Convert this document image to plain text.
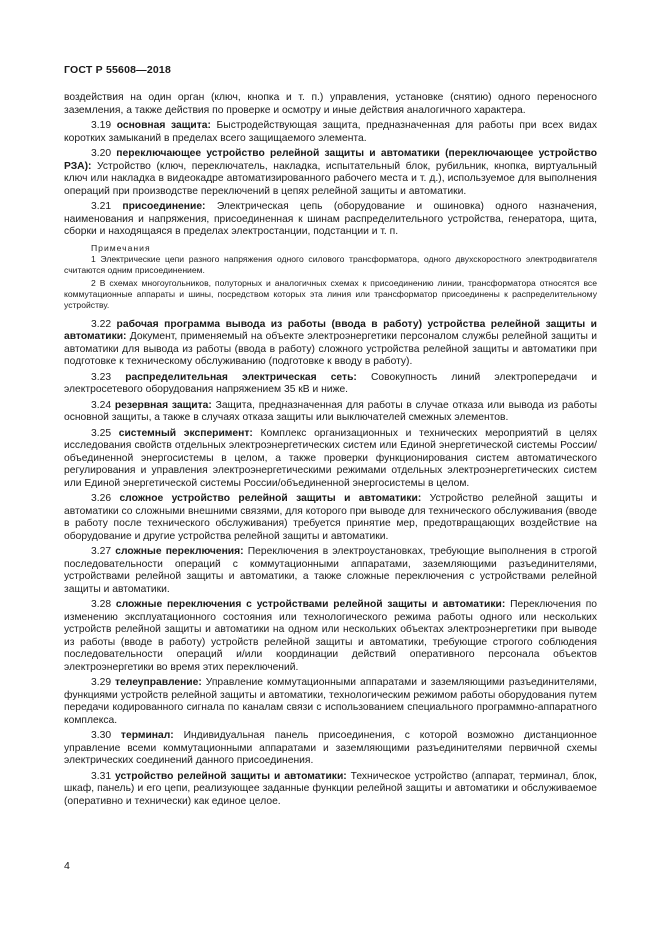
ГОСТ Р 55608—2018

воздействия на один орган (ключ, кнопка и т. п.) управления, установке (снятию) одного переносного заземления, а также действия по проверке и осмотру и иные действия аналогичного характера.

3.19 основная защита: Быстродействующая защита, предназначенная для работы при всех видах коротких замыканий в пределах всего защищаемого элемента.

3.20 переключающее устройство релейной защиты и автоматики (переключающее устройство РЗА): Устройство (ключ, переключатель, накладка, испытательный блок, рубильник, кнопка, виртуальный ключ или накладка в видеокадре автоматизированного рабочего места и т. д.), используемое для выполнения операций при производстве переключений в цепях релейной защиты и автоматики.

3.21 присоединение: Электрическая цепь (оборудование и ошиновка) одного назначения, наименования и напряжения, присоединенная к шинам распределительного устройства, генератора, щита, сборки и находящаяся в пределах электростанции, подстанции и т. п.

Примечания

1 Электрические цепи разного напряжения одного силового трансформатора, одного двухскоростного электродвигателя считаются одним присоединением.

2 В схемах многоугольников, полуторных и аналогичных схемах к присоединению линии, трансформатора относятся все коммутационные аппараты и шины, посредством которых эта линия или трансформатор присоединены к распределительному устройству.

3.22 рабочая программа вывода из работы (ввода в работу) устройства релейной защиты и автоматики: Документ, применяемый на объекте электроэнергетики персоналом службы релейной защиты и автоматики для вывода из работы (ввода в работу) сложного устройства релейной защиты и автоматики при подготовке к техническому обслуживанию (подготовке к вводу в работу).

3.23 распределительная электрическая сеть: Совокупность линий электропередачи и электросетевого оборудования напряжением 35 кВ и ниже.

3.24 резервная защита: Защита, предназначенная для работы в случае отказа или вывода из работы основной защиты, а также в случаях отказа защиты или выключателей смежных элементов.

3.25 системный эксперимент: Комплекс организационных и технических мероприятий в целях исследования свойств отдельных электроэнергетических систем или Единой энергетической системы России/объединенной энергосистемы в целом, а также проверки функционирования систем автоматического регулирования и управления электроэнергетическими режимами отдельных электроэнергетических систем или Единой энергетической системы России/объединенной энергосистемы в целом.

3.26 сложное устройство релейной защиты и автоматики: Устройство релейной защиты и автоматики со сложными внешними связями, для которого при выводе для технического обслуживания (вводе в работу после технического обслуживания) требуется принятие мер, предотвращающих воздействие на оборудование и другие устройства релейной защиты и автоматики.

3.27 сложные переключения: Переключения в электроустановках, требующие выполнения в строгой последовательности операций с коммутационными аппаратами, заземляющими разъединителями, устройствами релейной защиты и автоматики, а также сложные переключения с устройствами релейной защиты и автоматики.

3.28 сложные переключения с устройствами релейной защиты и автоматики: Переключения по изменению эксплуатационного состояния или технологического режима работы одного или нескольких устройств релейной защиты и автоматики на одном или нескольких объектах электроэнергетики при выводе из работы (вводе в работу) устройств релейной защиты и автоматики, требующие строгого соблюдения последовательности операций и/или координации действий оперативного персонала объектов электроэнергетики во время этих переключений.

3.29 телеуправление: Управление коммутационными аппаратами и заземляющими разъединителями, функциями устройств релейной защиты и автоматики, технологическим режимом работы оборудования путем передачи кодированного сигнала по каналам связи с использованием специального программно-аппаратного комплекса.

3.30 терминал: Индивидуальная панель присоединения, с которой возможно дистанционное управление всеми коммутационными аппаратами и заземляющими разъединителями первичной схемы электрических соединений данного присоединения.

3.31 устройство релейной защиты и автоматики: Техническое устройство (аппарат, терминал, блок, шкаф, панель) и его цепи, реализующее заданные функции релейной защиты и автоматики и обслуживаемое (оперативно и технически) как единое целое.

4
